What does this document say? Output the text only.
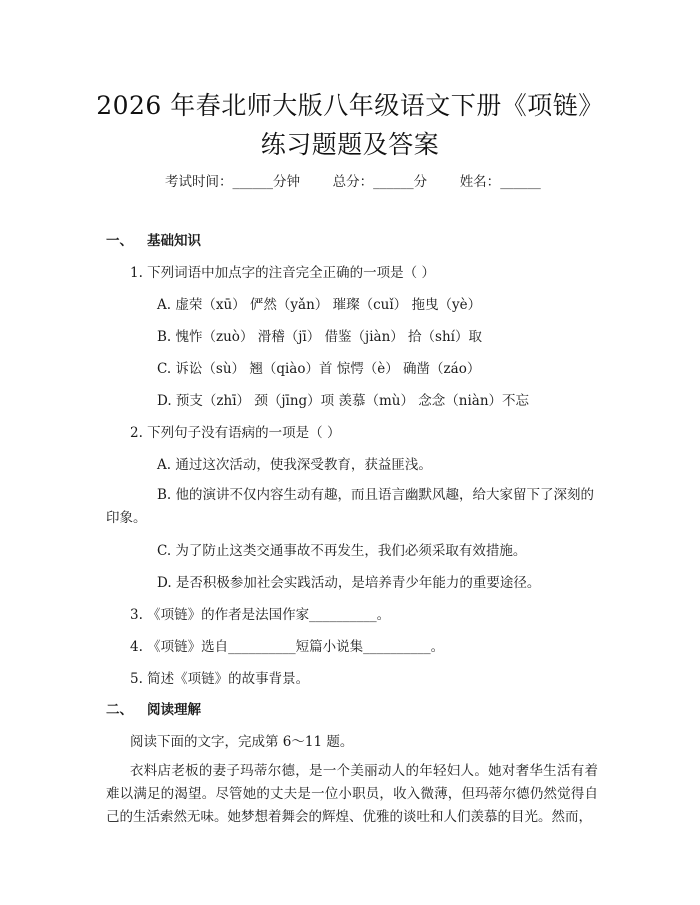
2026 年春北师大版八年级语文下册《项链》
练习题题及答案
考试时间：______分钟 总分：______分 姓名：______
一、 基础知识
1. 下列词语中加点字的注音完全正确的一项是（ ）
A. 虚荣（xū） 俨然（yǎn） 璀璨（cuǐ） 拖曳（yè）
B. 愧怍（zuò） 滑稽（jī） 借鉴（jiàn） 拾（shí）取
C. 诉讼（sù） 翘（qiào）首 惊愕（è） 确凿（záo）
D. 预支（zhī） 颈（jīng）项 羡慕（mù） 念念（niàn）不忘
2. 下列句子没有语病的一项是（ ）
A. 通过这次活动，使我深受教育，获益匪浅。
B. 他的演讲不仅内容生动有趣，而且语言幽默风趣，给大家留下了深刻的印象。
C. 为了防止这类交通事故不再发生，我们必须采取有效措施。
D. 是否积极参加社会实践活动，是培养青少年能力的重要途径。
3. 《项链》的作者是法国作家__________。
4. 《项链》选自__________短篇小说集__________。
5. 简述《项链》的故事背景。
二、 阅读理解
阅读下面的文字，完成第 6～11 题。
衣料店老板的妻子玛蒂尔德，是一个美丽动人的年轻妇人。她对奢华生活有着难以满足的渴望。尽管她的丈夫是一位小职员，收入微薄，但玛蒂尔德仍然觉得自己的生活索然无味。她梦想着舞会的辉煌、优雅的谈吐和人们羡慕的目光。然而，
